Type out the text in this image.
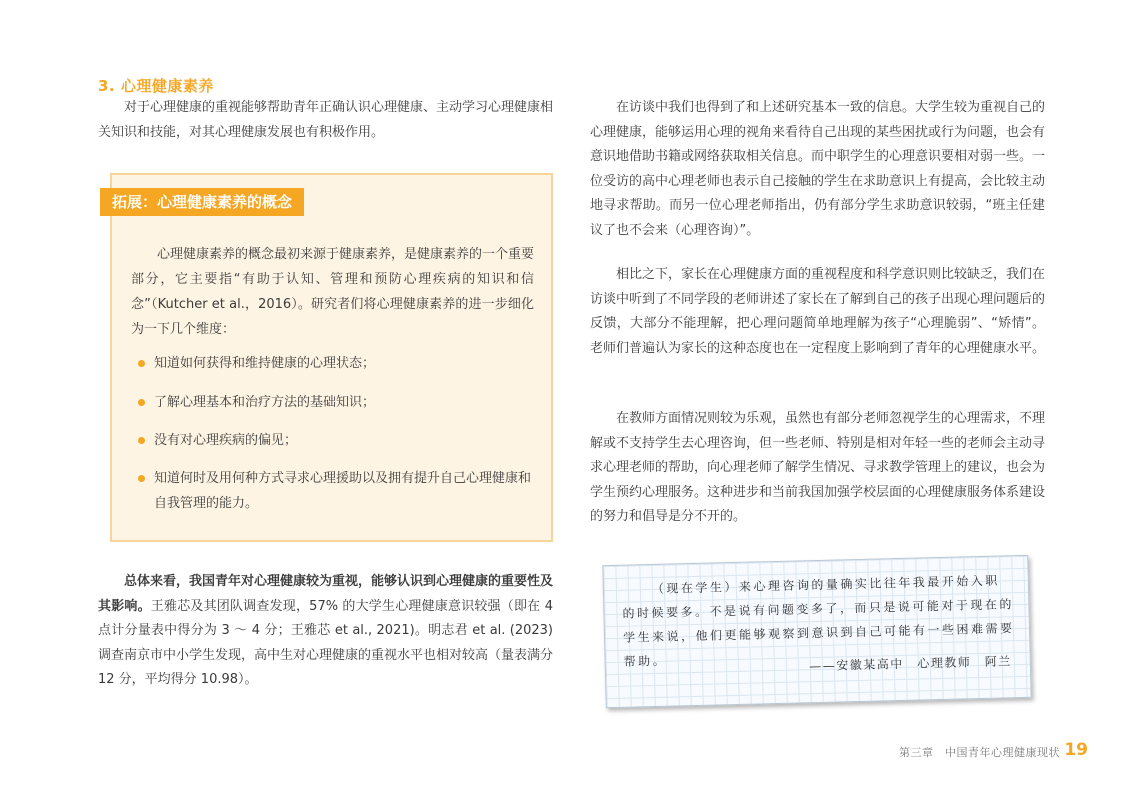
3. 心理健康素养

对于心理健康的重视能够帮助青年正确认识心理健康、主动学习心理健康相关知识和技能，对其心理健康发展也有积极作用。

拓展：心理健康素养的概念

心理健康素养的概念最初来源于健康素养，是健康素养的一个重要部分，它主要指“有助于认知、管理和预防心理疾病的知识和信念”（Kutcher et al.，2016）。研究者们将心理健康素养的进一步细化为一下几个维度：

知道如何获得和维持健康的心理状态；
了解心理基本和治疗方法的基础知识；
没有对心理疾病的偏见；
知道何时及用何种方式寻求心理援助以及拥有提升自己心理健康和自我管理的能力。

总体来看，我国青年对心理健康较为重视，能够认识到心理健康的重要性及其影响。王雅芯及其团队调查发现，57% 的大学生心理健康意识较强（即在 4 点计分量表中得分为 3 ～ 4 分；王雅芯 et al., 2021)。明志君 et al. (2023) 调查南京市中小学生发现，高中生对心理健康的重视水平也相对较高（量表满分 12 分，平均得分 10.98）。

在访谈中我们也得到了和上述研究基本一致的信息。大学生较为重视自己的心理健康，能够运用心理的视角来看待自己出现的某些困扰或行为问题，也会有意识地借助书籍或网络获取相关信息。而中职学生的心理意识要相对弱一些。一位受访的高中心理老师也表示自己接触的学生在求助意识上有提高，会比较主动地寻求帮助。而另一位心理老师指出，仍有部分学生求助意识较弱，“班主任建议了也不会来（心理咨询）”。

相比之下，家长在心理健康方面的重视程度和科学意识则比较缺乏，我们在访谈中听到了不同学段的老师讲述了家长在了解到自己的孩子出现心理问题后的反馈，大部分不能理解，把心理问题简单地理解为孩子“心理脆弱”、“矫情”。老师们普遍认为家长的这种态度也在一定程度上影响到了青年的心理健康水平。

在教师方面情况则较为乐观，虽然也有部分老师忽视学生的心理需求，不理解或不支持学生去心理咨询，但一些老师、特别是相对年轻一些的老师会主动寻求心理老师的帮助，向心理老师了解学生情况、寻求教学管理上的建议，也会为学生预约心理服务。这种进步和当前我国加强学校层面的心理健康服务体系建设的努力和倡导是分不开的。

（现在学生）来心理咨询的量确实比往年我最开始入职的时候要多。不是说有问题变多了，而只是说可能对于现在的学生来说，他们更能够观察到意识到自己可能有一些困难需要帮助。	——安徽某高中　心理教师　阿兰
第三章　中国青年心理健康现状 19
